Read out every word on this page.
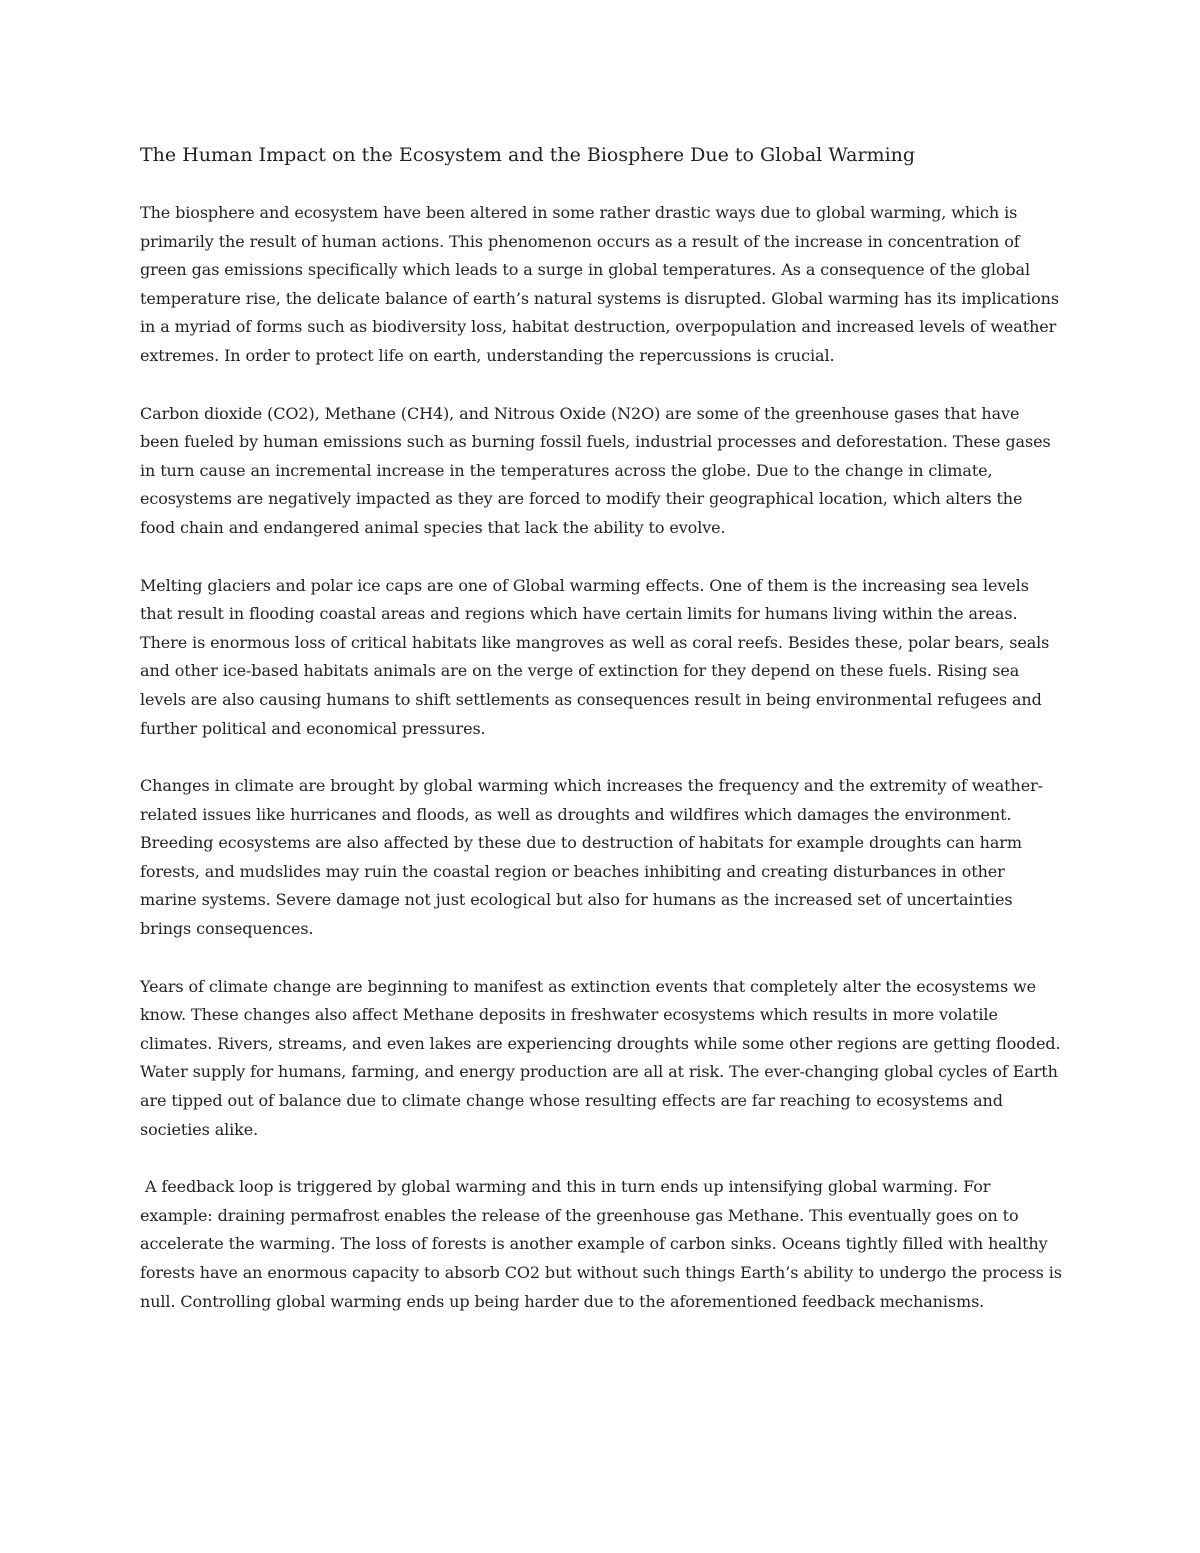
The Human Impact on the Ecosystem and the Biosphere Due to Global Warming

The biosphere and ecosystem have been altered in some rather drastic ways due to global warming, which is primarily the result of human actions. This phenomenon occurs as a result of the increase in concentration of green gas emissions specifically which leads to a surge in global temperatures. As a consequence of the global temperature rise, the delicate balance of earth’s natural systems is disrupted. Global warming has its implications in a myriad of forms such as biodiversity loss, habitat destruction, overpopulation and increased levels of weather extremes. In order to protect life on earth, understanding the repercussions is crucial.

Carbon dioxide (CO2), Methane (CH4), and Nitrous Oxide (N2O) are some of the greenhouse gases that have been fueled by human emissions such as burning fossil fuels, industrial processes and deforestation. These gases in turn cause an incremental increase in the temperatures across the globe. Due to the change in climate, ecosystems are negatively impacted as they are forced to modify their geographical location, which alters the food chain and endangered animal species that lack the ability to evolve.

Melting glaciers and polar ice caps are one of Global warming effects. One of them is the increasing sea levels that result in flooding coastal areas and regions which have certain limits for humans living within the areas. There is enormous loss of critical habitats like mangroves as well as coral reefs. Besides these, polar bears, seals and other ice-based habitats animals are on the verge of extinction for they depend on these fuels. Rising sea levels are also causing humans to shift settlements as consequences result in being environmental refugees and further political and economical pressures.

Changes in climate are brought by global warming which increases the frequency and the extremity of weather-related issues like hurricanes and floods, as well as droughts and wildfires which damages the environment. Breeding ecosystems are also affected by these due to destruction of habitats for example droughts can harm forests, and mudslides may ruin the coastal region or beaches inhibiting and creating disturbances in other marine systems. Severe damage not just ecological but also for humans as the increased set of uncertainties brings consequences.

Years of climate change are beginning to manifest as extinction events that completely alter the ecosystems we know. These changes also affect Methane deposits in freshwater ecosystems which results in more volatile climates. Rivers, streams, and even lakes are experiencing droughts while some other regions are getting flooded. Water supply for humans, farming, and energy production are all at risk. The ever-changing global cycles of Earth are tipped out of balance due to climate change whose resulting effects are far reaching to ecosystems and societies alike.

A feedback loop is triggered by global warming and this in turn ends up intensifying global warming. For example: draining permafrost enables the release of the greenhouse gas Methane. This eventually goes on to accelerate the warming. The loss of forests is another example of carbon sinks. Oceans tightly filled with healthy forests have an enormous capacity to absorb CO2 but without such things Earth’s ability to undergo the process is null. Controlling global warming ends up being harder due to the aforementioned feedback mechanisms.
